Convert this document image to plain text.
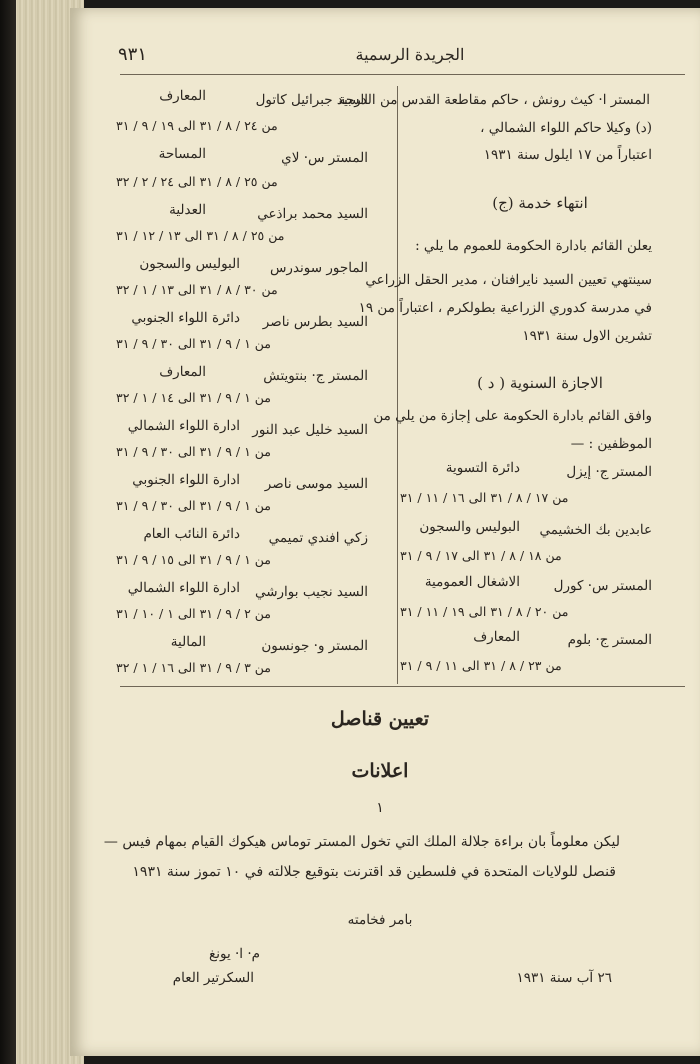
٩٣١	الجريدة الرسمية
المستر ا· كيث رونش ، حاكم مقاطعة القدس من الدرجة
(د) وكيلا حاكم اللواء الشمالي ،
اعتباراً من ١٧ ايلول سنة ١٩٣١
(ج) انتهاء خدمة
يعلن القائم بادارة الحكومة للعموم ما يلي :
سينتهي تعيين السيد نايرافنان ، مدير الحقل الزراعي
في مدرسة كدوري الزراعية بطولكرم ، اعتباراً من ١٩
تشرين الاول سنة ١٩٣١
( د ) الاجازة السنوية
وافق القائم بادارة الحكومة على إجازة من يلي من
الموظفين : —
المستر ج· إيزل
دائرة التسوية
من ١٧ / ٨ / ٣١ الى ١٦ / ١١ / ٣١
عابدين بك الخشيمي
البوليس والسجون
من ١٨ / ٨ / ٣١ الى ١٧ / ٩ / ٣١
المستر س· كورل
الاشغال العمومية
من ٢٠ / ٨ / ٣١ الى ١٩ / ١١ / ٣١
المستر ج· بلوم
المعارف
من ٢٣ / ٨ / ٣١ الى ١١ / ٩ / ٣١
السيد جبرائيل كاتول
المعارف
من ٢٤ / ٨ / ٣١ الى ١٩ / ٩ / ٣١
المستر س· لاي
المساحة
من ٢٥ / ٨ / ٣١ الى ٢٤ / ٢ / ٣٢
السيد محمد براذعي
العدلية
من ٢٥ / ٨ / ٣١ الى ١٣ / ١٢ / ٣١
الماجور سوندرس
البوليس والسجون
من ٣٠ / ٨ / ٣١ الى ١٣ / ١ / ٣٢
السيد بطرس ناصر
دائرة اللواء الجنوبي
من ١ / ٩ / ٣١ الى ٣٠ / ٩ / ٣١
المستر ج· بنتويتش
المعارف
من ١ / ٩ / ٣١ الى ١٤ / ١ / ٣٢
السيد خليل عبد النور
ادارة اللواء الشمالي
من ١ / ٩ / ٣١ الى ٣٠ / ٩ / ٣١
السيد موسى ناصر
ادارة اللواء الجنوبي
من ١ / ٩ / ٣١ الى ٣٠ / ٩ / ٣١
زكي افندي تميمي
دائرة النائب العام
من ١ / ٩ / ٣١ الى ١٥ / ٩ / ٣١
السيد نجيب بوارشي
ادارة اللواء الشمالي
من ٢ / ٩ / ٣١ الى ١ / ١٠ / ٣١
المستر و· جونسون
المالية
من ٣ / ٩ / ٣١ الى ١٦ / ١ / ٣٢
تعيين قناصل
اعلانات
١
ليكن معلوماً بان براءة جلالة الملك التي تخول المستر توماس هيكوك القيام بمهام فيس —
قنصل للولايات المتحدة في فلسطين قد اقترنت بتوقيع جلالته في ١٠ تموز سنة ١٩٣١
بامر فخامته
م· ا· يونغ
السكرتير العام	٢٦ آب سنة ١٩٣١
